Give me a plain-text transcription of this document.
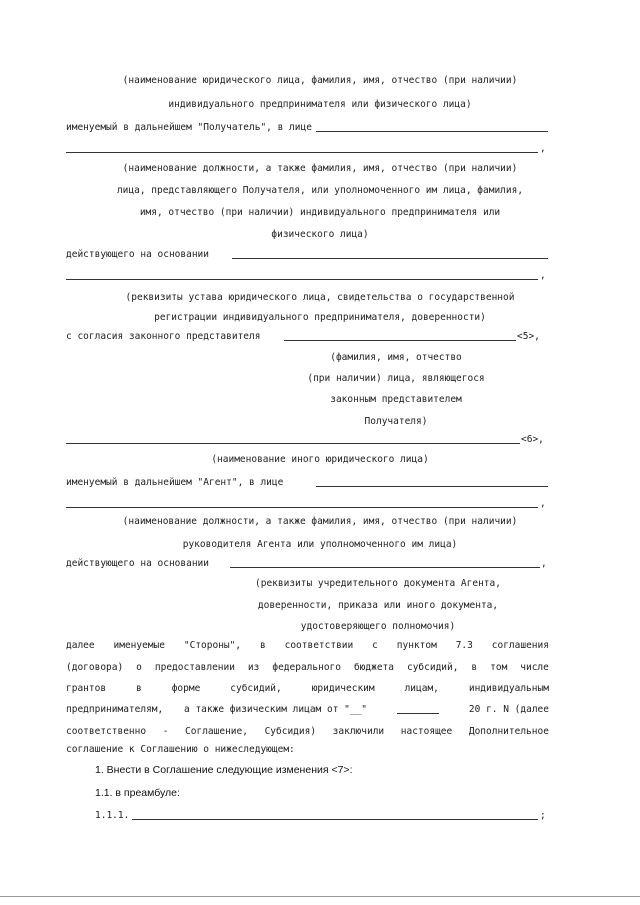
(наименование юридического лица, фамилия, имя, отчество (при наличии)
индивидуального предпринимателя или физического лица)
именуемый в дальнейшем "Получатель", в лице
,
(наименование должности, а также фамилия, имя, отчество (при наличии)
лица, представляющего Получателя, или уполномоченного им лица, фамилия,
имя, отчество (при наличии) индивидуального предпринимателя или
физического лица)
действующего на основании
,
(реквизиты устава юридического лица, свидетельства о государственной
регистрации индивидуального предпринимателя, доверенности)
с согласия законного представителя	<5>,
(фамилия, имя, отчество
(при наличии) лица, являющегося
законным представителем
Получателя)
<6>,
(наименование иного юридического лица)
именуемый в дальнейшем "Агент", в лице
,
(наименование должности, а также фамилия, имя, отчество (при наличии)
руководителя Агента или уполномоченного им лица)
действующего на основании	,
(реквизиты учредительного документа Агента,
доверенности, приказа или иного документа,
удостоверяющего полномочия)
далее именуемые "Стороны", в соответствии с пунктом 7.3 соглашения
(договора) о предоставлении из федерального бюджета субсидий, в том числе
грантов	в	форме	субсидий,	юридическим	лицам,	индивидуальным
предпринимателям, а также физическим лицам от "__"	20 г. N (далее
соответственно - Соглашение, Субсидия) заключили настоящее Дополнительное
соглашение к Соглашению о нижеследующем:
1. Внести в Соглашение следующие изменения <7>:
1.1. в преамбуле:
1.1.1.	;
